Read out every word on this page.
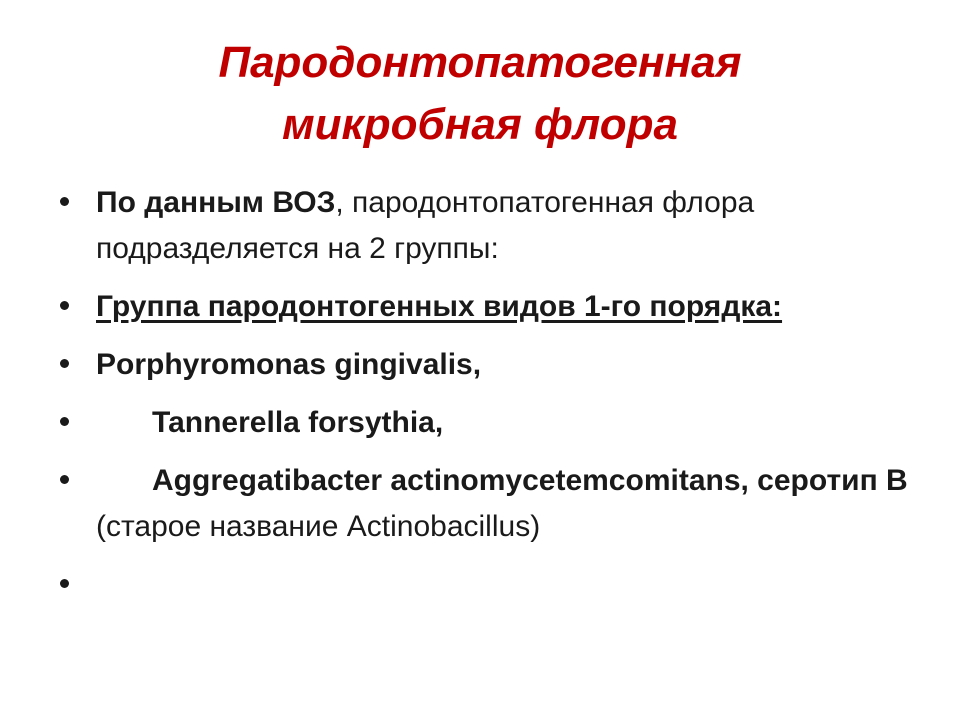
Пародонтопатогенная
микробная флора
По данным ВОЗ, пародонтопатогенная флора подразделяется на 2 группы:
Группа пародонтогенных видов 1-го порядка:
Porphyromonas gingivalis,
Tannerella forsythia,
Aggregatibacter actinomycetemcomitans, серотип В (старое название Actinobacillus)
